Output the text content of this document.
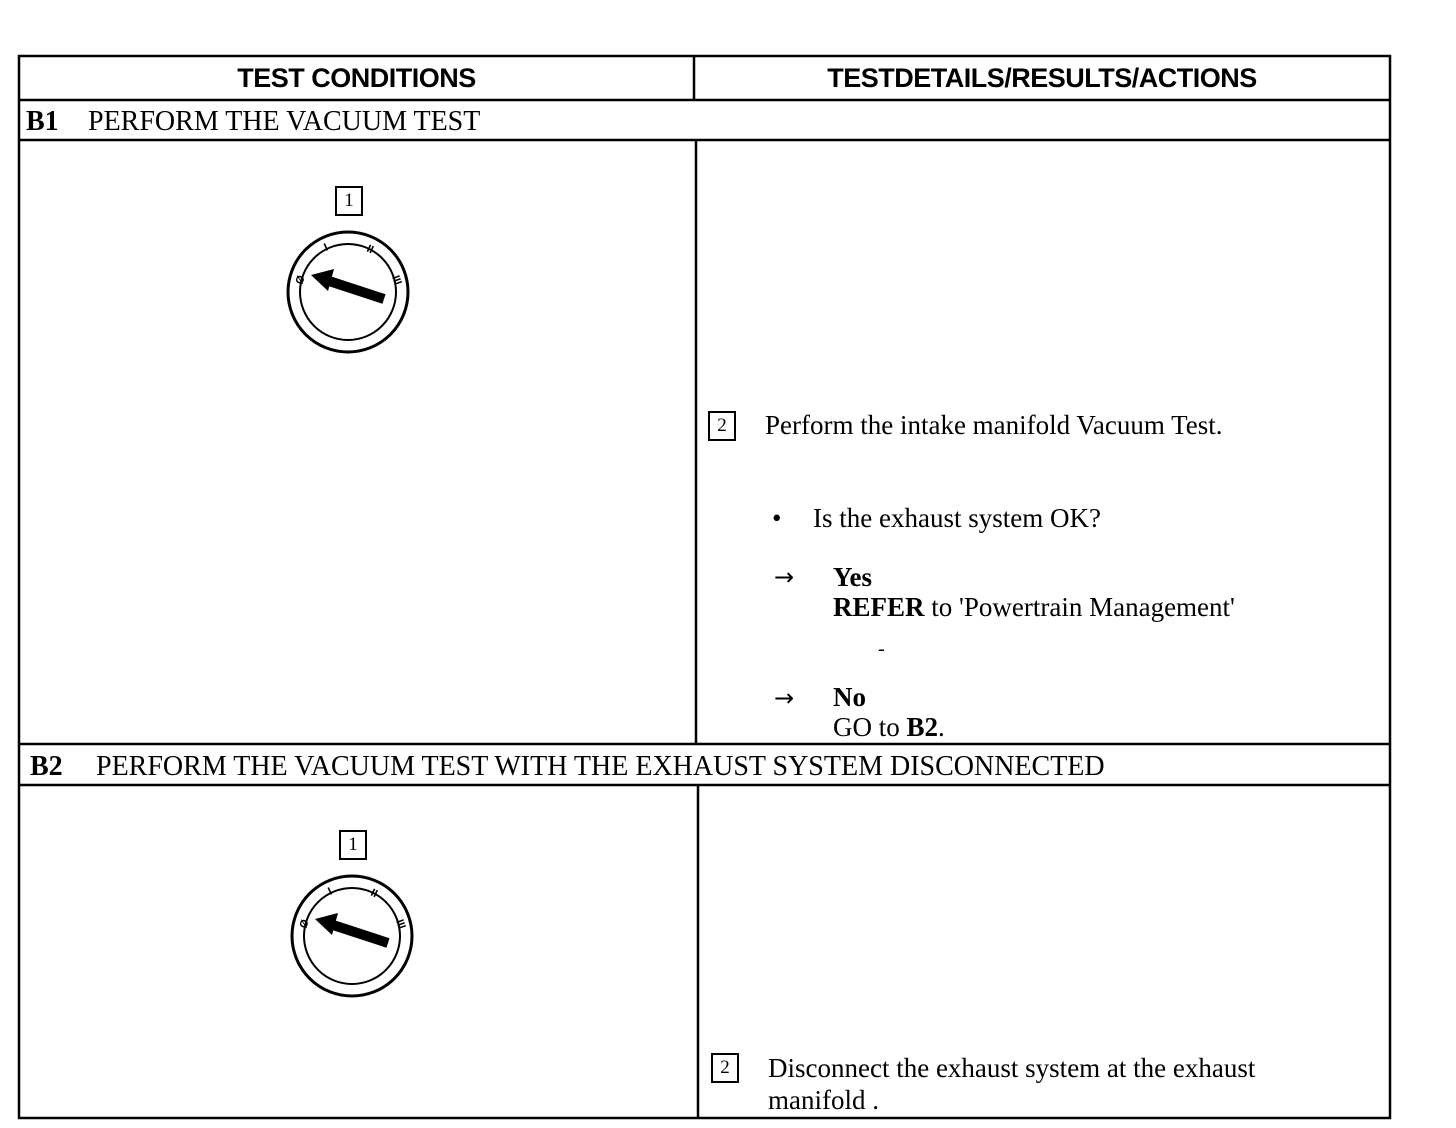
TEST CONDITIONS	TESTDETAILS/RESULTS/ACTIONS
B1 PERFORM THE VACUUM TEST
1
Ø
I	II
III
2	Perform the intake manifold Vacuum Test.
• Is the exhaust system OK?
→ Yes
REFER to 'Powertrain Management'
-
→ No
GO to B2.
B2 PERFORM THE VACUUM TEST WITH THE EXHAUST SYSTEM DISCONNECTED
1
Ø
I	II
III
2	Disconnect the exhaust system at the exhaust
manifold .
